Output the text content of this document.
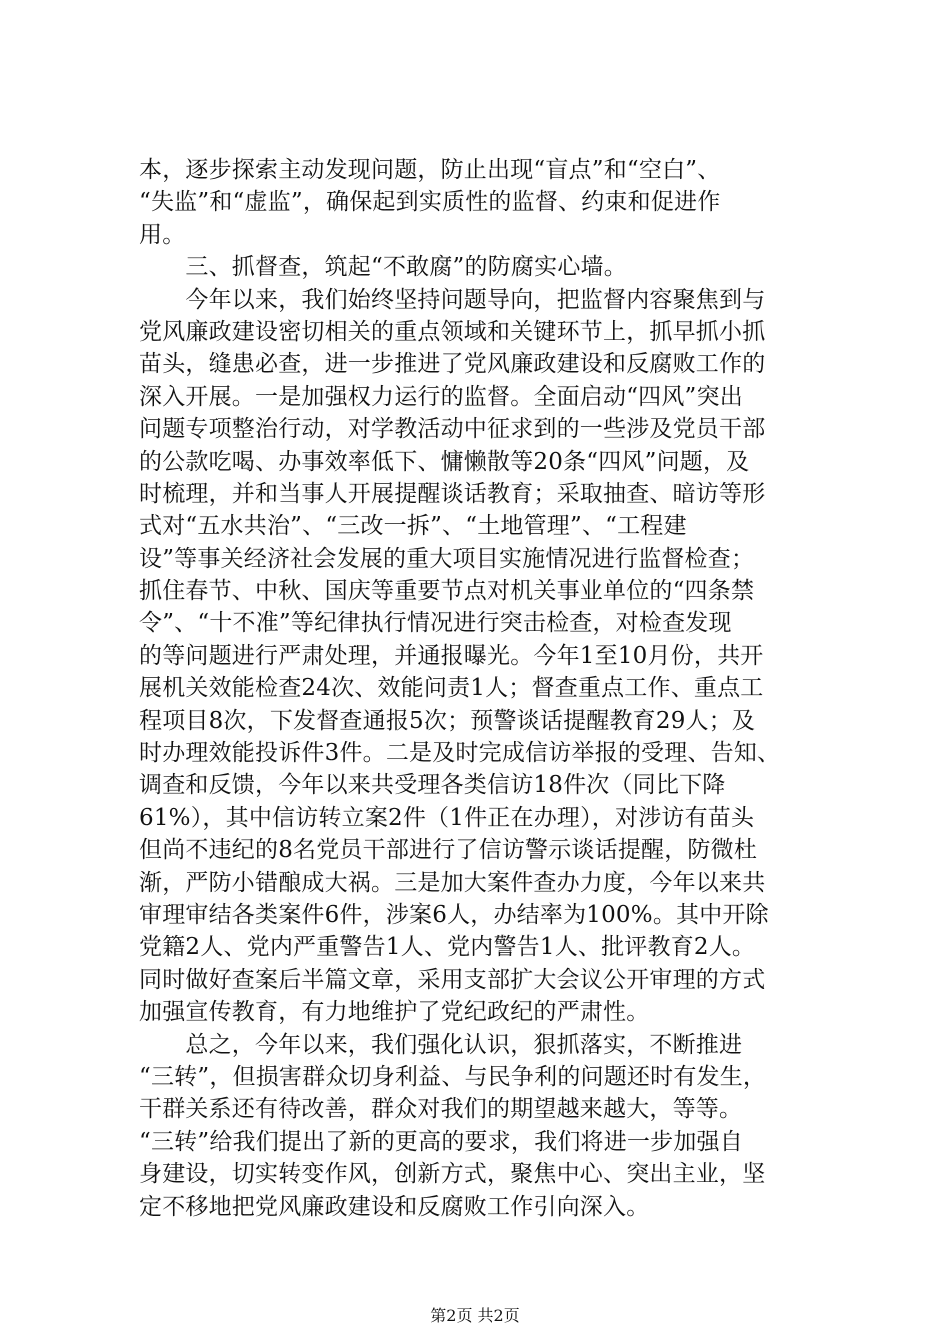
本，逐步探索主动发现问题，防止出现“盲点”和“空白”、
“失监”和“虚监”，确保起到实质性的监督、约束和促进作
用。
　　三、抓督查，筑起“不敢腐”的防腐实心墙。
　　今年以来，我们始终坚持问题导向，把监督内容聚焦到与
党风廉政建设密切相关的重点领域和关键环节上，抓早抓小抓
苗头，缝患必查，进一步推进了党风廉政建设和反腐败工作的
深入开展。一是加强权力运行的监督。全面启动“四风”突出
问题专项整治行动，对学教活动中征求到的一些涉及党员干部
的公款吃喝、办事效率低下、慵懒散等20条“四风”问题，及
时梳理，并和当事人开展提醒谈话教育；采取抽查、暗访等形
式对“五水共治”、“三改一拆”、“土地管理”、“工程建
设”等事关经济社会发展的重大项目实施情况进行监督检查；
抓住春节、中秋、国庆等重要节点对机关事业单位的“四条禁
令”、“十不准”等纪律执行情况进行突击检查，对检查发现
的等问题进行严肃处理，并通报曝光。今年1至10月份，共开
展机关效能检查24次、效能问责1人；督查重点工作、重点工
程项目8次，下发督查通报5次；预警谈话提醒教育29人；及
时办理效能投诉件3件。二是及时完成信访举报的受理、告知、
调查和反馈，今年以来共受理各类信访18件次（同比下降
61%），其中信访转立案2件（1件正在办理），对涉访有苗头
但尚不违纪的8名党员干部进行了信访警示谈话提醒，防微杜
渐，严防小错酿成大祸。三是加大案件查办力度，今年以来共
审理审结各类案件6件，涉案6人，办结率为100%。其中开除
党籍2人、党内严重警告1人、党内警告1人、批评教育2人。
同时做好查案后半篇文章，采用支部扩大会议公开审理的方式
加强宣传教育，有力地维护了党纪政纪的严肃性。
　　总之，今年以来，我们强化认识，狠抓落实，不断推进
“三转”，但损害群众切身利益、与民争利的问题还时有发生，
干群关系还有待改善，群众对我们的期望越来越大，等等。
“三转”给我们提出了新的更高的要求，我们将进一步加强自
身建设，切实转变作风，创新方式，聚焦中心、突出主业，坚
定不移地把党风廉政建设和反腐败工作引向深入。
第2页 共2页
